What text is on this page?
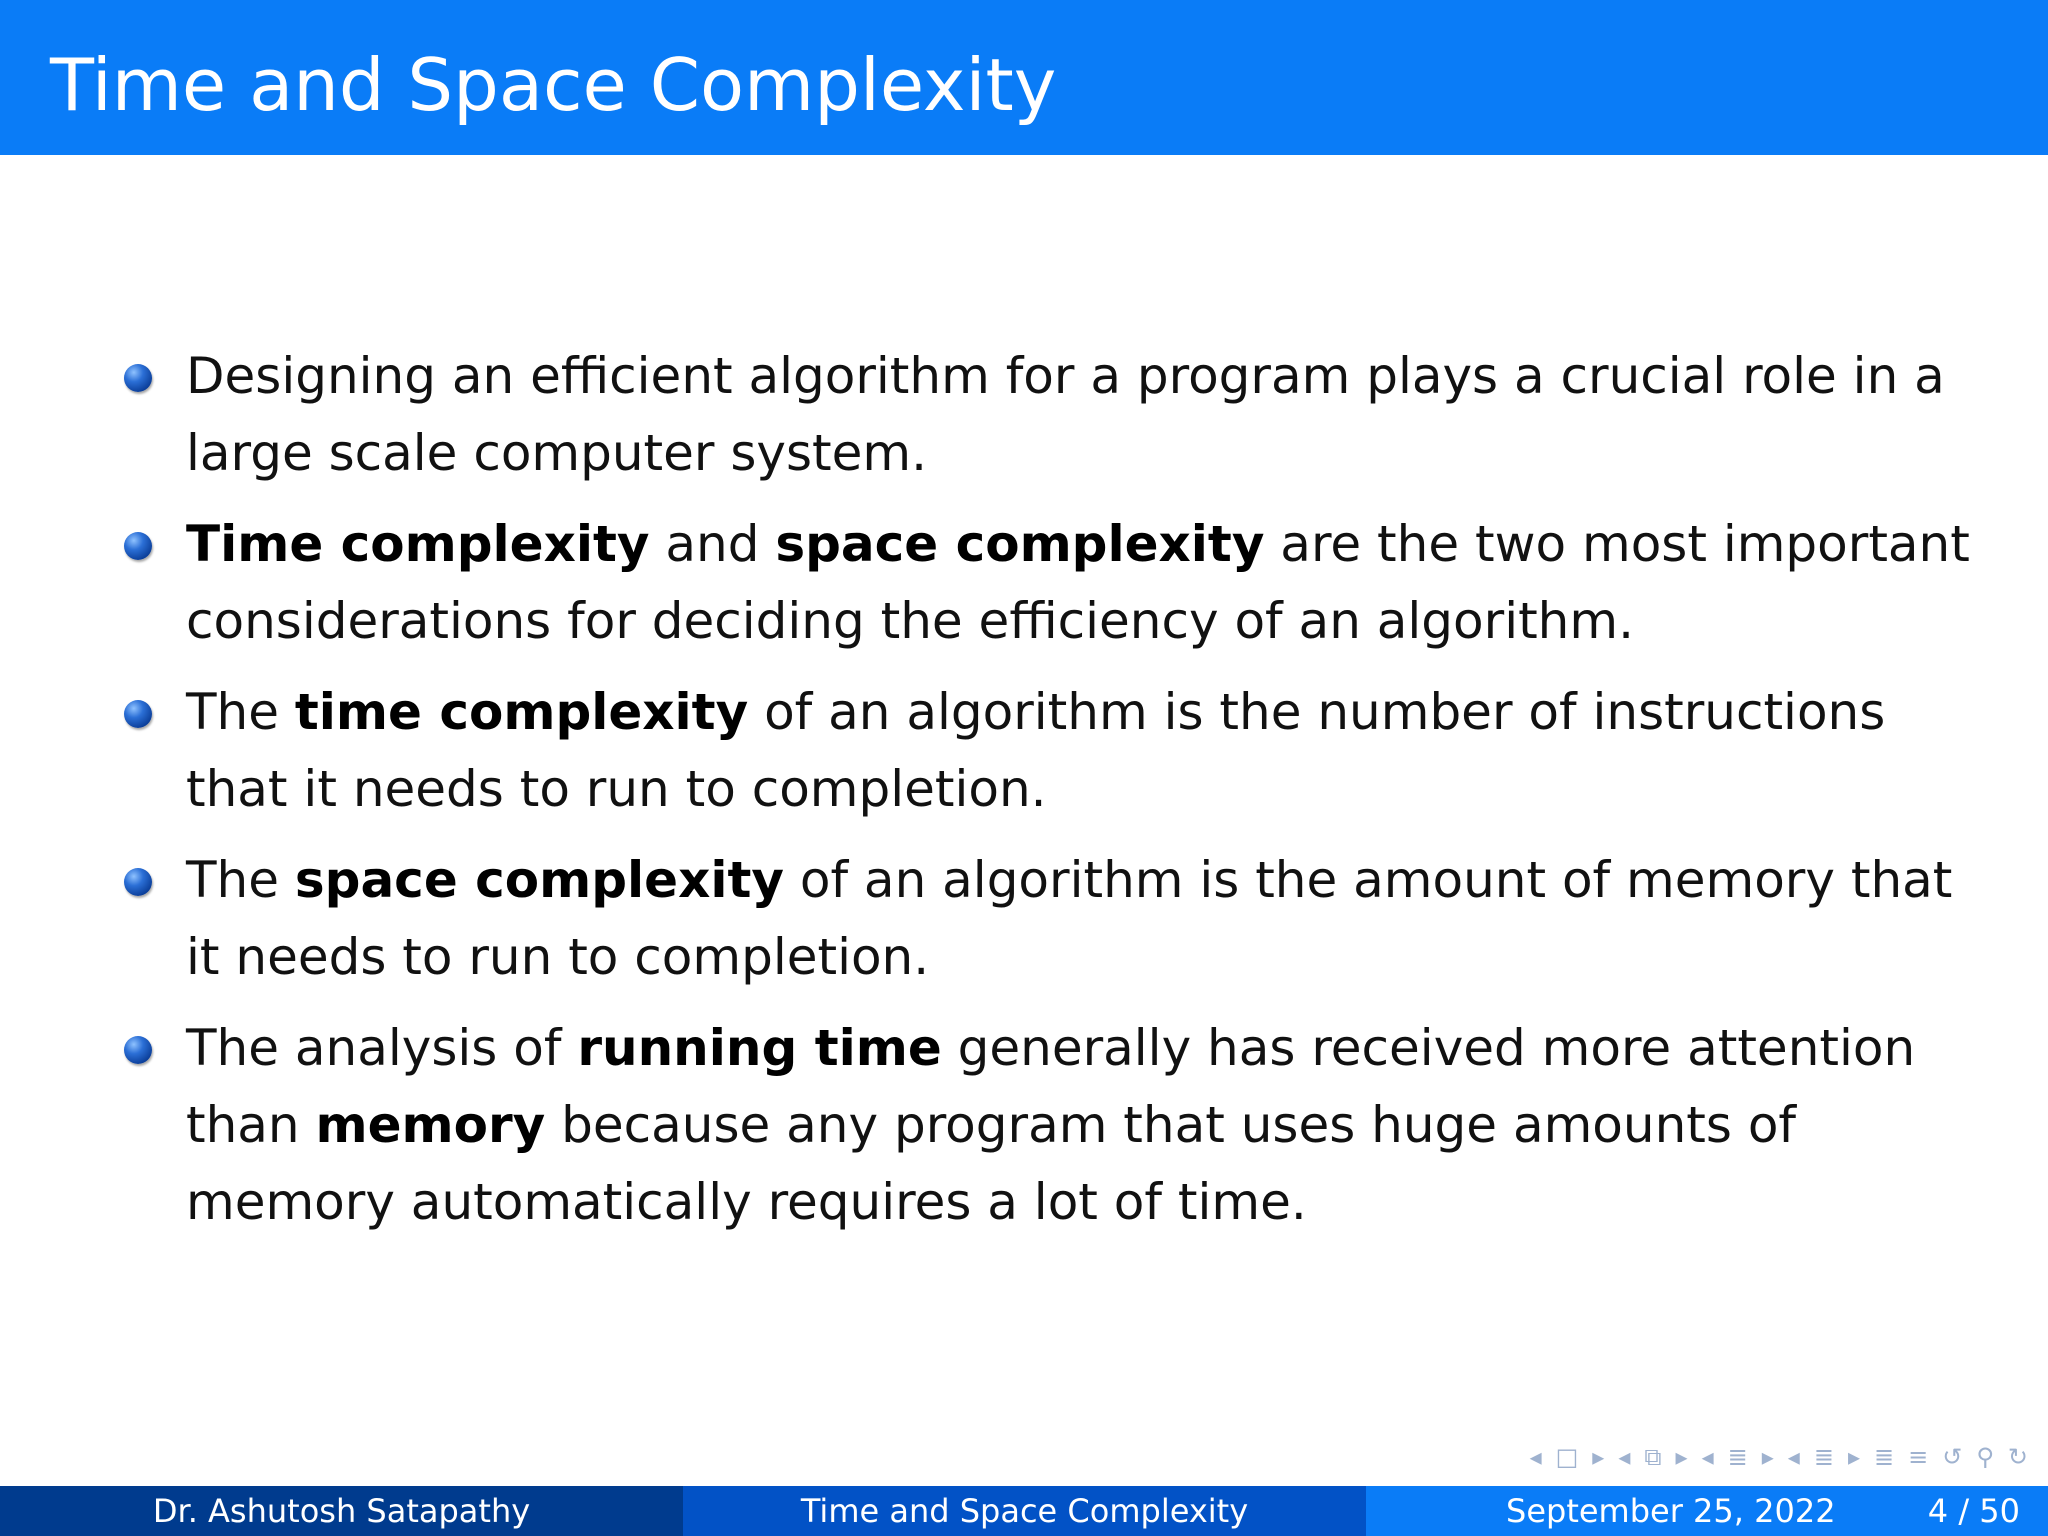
Time and Space Complexity
Designing an efficient algorithm for a program plays a crucial role in a large scale computer system.
Time complexity and space complexity are the two most important considerations for deciding the efficiency of an algorithm.
The time complexity of an algorithm is the number of instructions that it needs to run to completion.
The space complexity of an algorithm is the amount of memory that it needs to run to completion.
The analysis of running time generally has received more attention than memory because any program that uses huge amounts of memory automatically requires a lot of time.
◂ □ ▸ ◂ ⧉ ▸ ◂ ≣ ▸ ◂ ≣ ▸ ≣ ≡ ↺ ⚲ ↻
Dr. Ashutosh Satapathy	Time and Space Complexity	September 25, 2022	4 / 50
